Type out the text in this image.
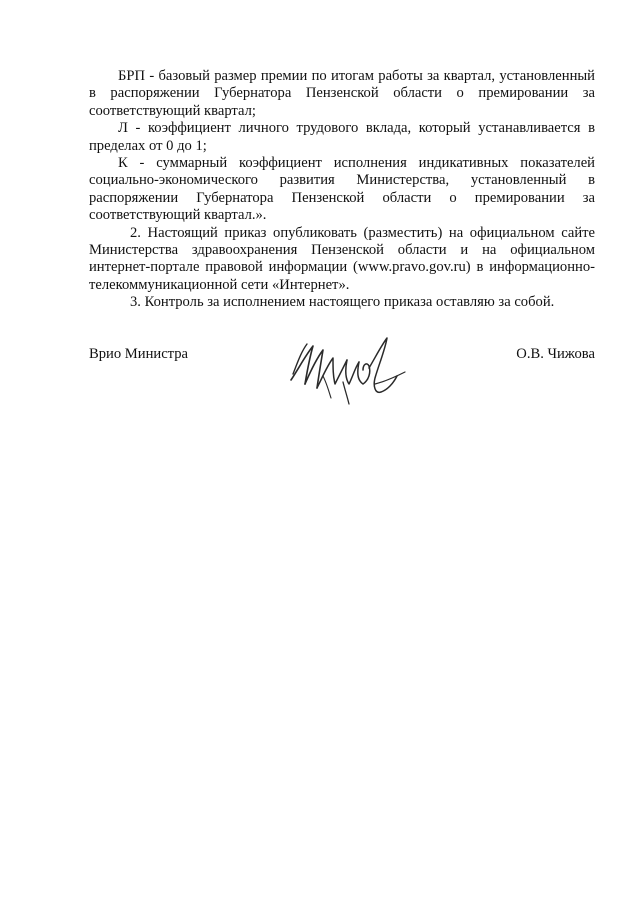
БРП - базовый размер премии по итогам работы за квартал, установленный в распоряжении Губернатора Пензенской области о премировании за соответствующий квартал;

Л - коэффициент личного трудового вклада, который устанавливается в пределах от 0 до 1;

К - суммарный коэффициент исполнения индикативных показателей социально-экономического развития Министерства, установленный в распоряжении Губернатора Пензенской области о премировании за соответствующий квартал.».

2. Настоящий приказ опубликовать (разместить) на официальном сайте Министерства здравоохранения Пензенской области и на официальном интернет-портале правовой информации (www.pravo.gov.ru) в информационно-телекоммуникационной сети «Интернет».

3. Контроль за исполнением настоящего приказа оставляю за собой.

Врио Министра	О.В. Чижова
